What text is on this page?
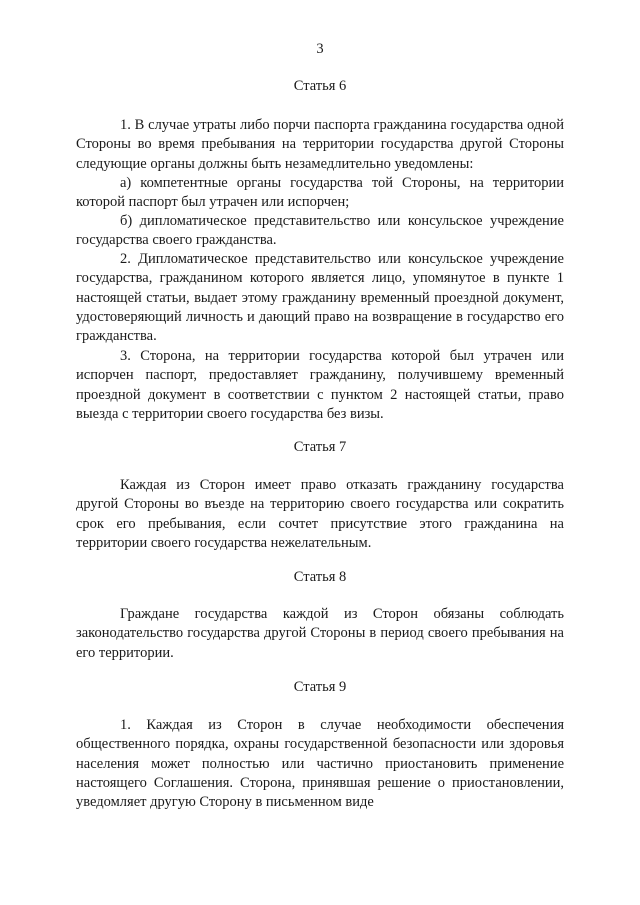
3
Статья 6
1. В случае утраты либо порчи паспорта гражданина государства одной Стороны во время пребывания на территории государства другой Стороны следующие органы должны быть незамедлительно уведомлены:
а) компетентные органы государства той Стороны, на территории которой паспорт был утрачен или испорчен;
б) дипломатическое представительство или консульское учреждение государства своего гражданства.
2. Дипломатическое представительство или консульское учреждение государства, гражданином которого является лицо, упомянутое в пункте 1 настоящей статьи, выдает этому гражданину временный проездной документ, удостоверяющий личность и дающий право на возвращение в государство его гражданства.
3. Сторона, на территории государства которой был утрачен или испорчен паспорт, предоставляет гражданину, получившему временный проездной документ в соответствии с пунктом 2 настоящей статьи, право выезда с территории своего государства без визы.
Статья 7
Каждая из Сторон имеет право отказать гражданину государства другой Стороны во въезде на территорию своего государства или сократить срок его пребывания, если сочтет присутствие этого гражданина на территории своего государства нежелательным.
Статья 8
Граждане государства каждой из Сторон обязаны соблюдать законодательство государства другой Стороны в период своего пребывания на его территории.
Статья 9
1. Каждая из Сторон в случае необходимости обеспечения общественного порядка, охраны государственной безопасности или здоровья населения может полностью или частично приостановить применение настоящего Соглашения. Сторона, принявшая решение о приостановлении, уведомляет другую Сторону в письменном виде
